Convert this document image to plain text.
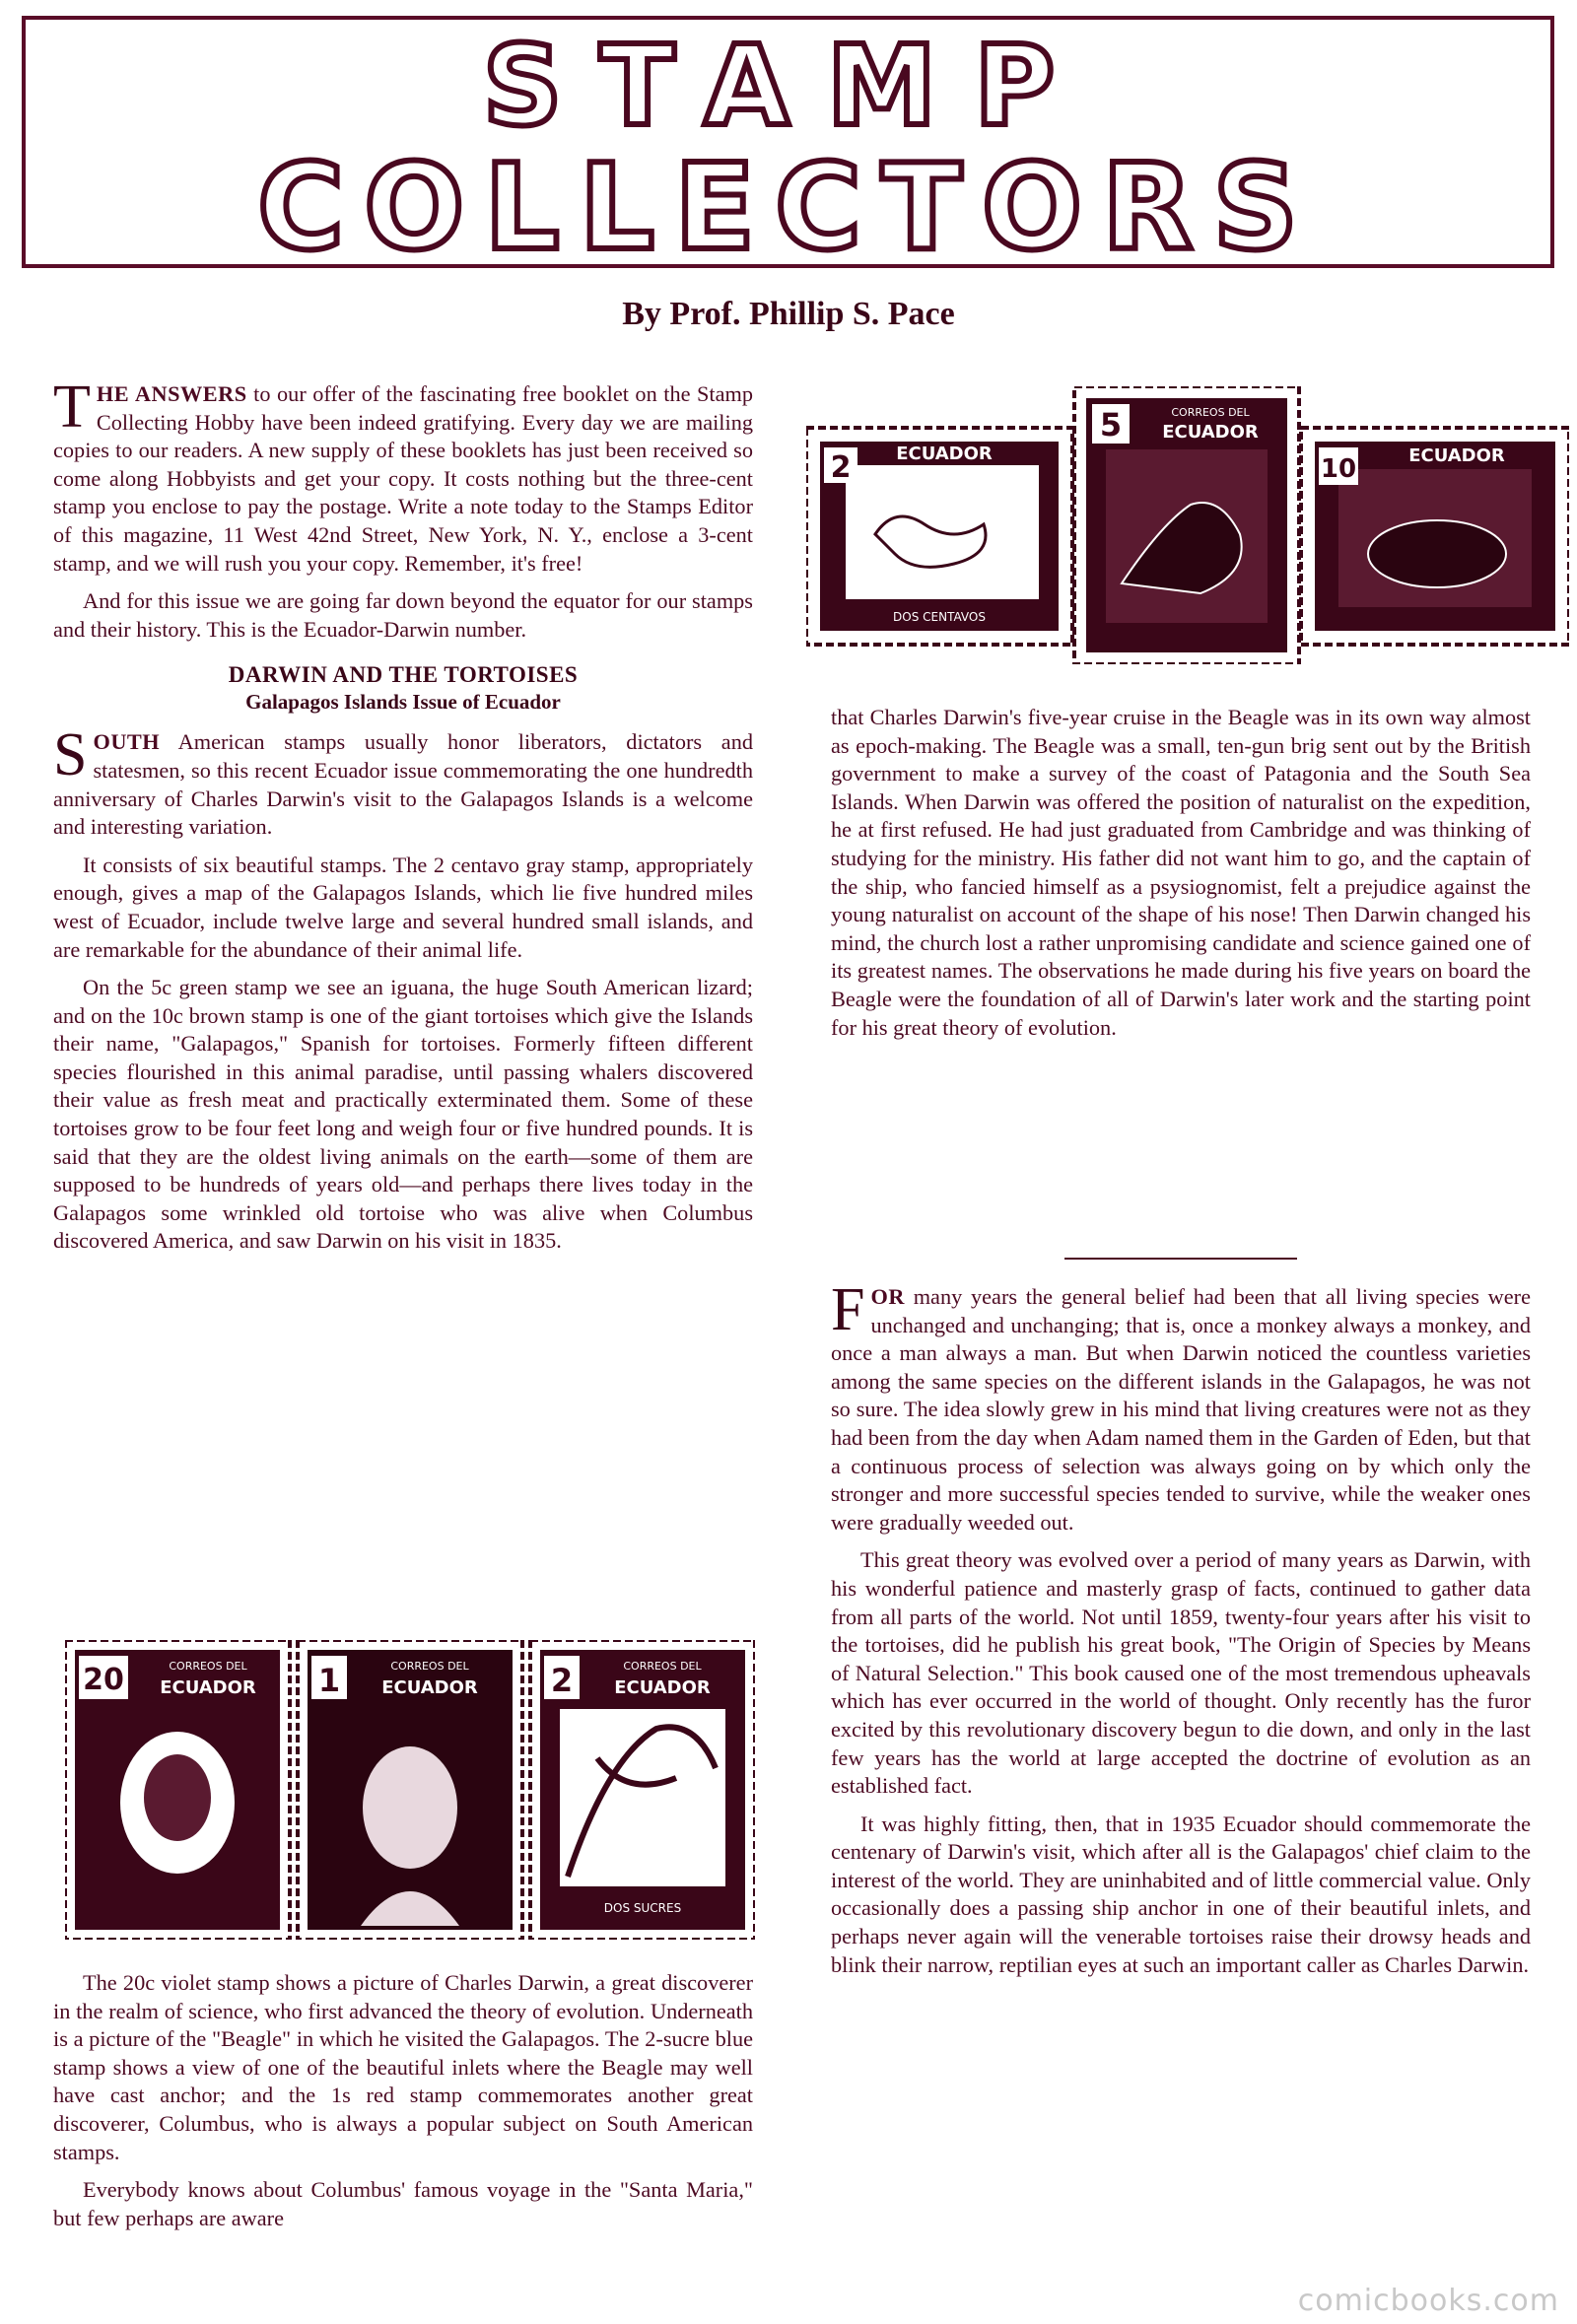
STAMP
COLLECTORS
By Prof. Phillip S. Pace

THE ANSWERS to our offer of the fascinating free booklet on the Stamp Collecting Hobby have been indeed gratifying. Every day we are mailing copies to our readers. A new supply of these booklets has just been received so come along Hobbyists and get your copy. It costs nothing but the three-cent stamp you enclose to pay the postage. Write a note today to the Stamps Editor of this magazine, 11 West 42nd Street, New York, N. Y., enclose a 3-cent stamp, and we will rush you your copy. Remember, it's free!

And for this issue we are going far down beyond the equator for our stamps and their history. This is the Ecuador-Darwin number.

DARWIN AND THE TORTOISES
Galapagos Islands Issue of Ecuador

SOUTH American stamps usually honor liberators, dictators and statesmen, so this recent Ecuador issue commemorating the one hundredth anniversary of Charles Darwin's visit to the Galapagos Islands is a welcome and interesting variation.

It consists of six beautiful stamps. The 2 centavo gray stamp, appropriately enough, gives a map of the Galapagos Islands, which lie five hundred miles west of Ecuador, include twelve large and several hundred small islands, and are remarkable for the abundance of their animal life.

On the 5c green stamp we see an iguana, the huge South American lizard; and on the 10c brown stamp is one of the giant tortoises which give the Islands their name, "Galapagos," Spanish for tortoises. Formerly fifteen different species flourished in this animal paradise, until passing whalers discovered their value as fresh meat and practically exterminated them. Some of these tortoises grow to be four feet long and weigh four or five hundred pounds. It is said that they are the oldest living animals on the earth—some of them are supposed to be hundreds of years old—and perhaps there lives today in the Galapagos some wrinkled old tortoise who was alive when Columbus discovered America, and saw Darwin on his visit in 1835.

The 20c violet stamp shows a picture of Charles Darwin, a great discoverer in the realm of science, who first advanced the theory of evolution. Underneath is a picture of the "Beagle" in which he visited the Galapagos. The 2-sucre blue stamp shows a view of one of the beautiful inlets where the Beagle may well have cast anchor; and the 1s red stamp commemorates another great discoverer, Columbus, who is always a popular subject on South American stamps.

Everybody knows about Columbus' famous voyage in the "Santa Maria," but few perhaps are aware

2	ECUADOR
DOS CENTAVOS
5	CORREOS DEL
ECUADOR
10	ECUADOR

that Charles Darwin's five-year cruise in the Beagle was in its own way almost as epoch-making. The Beagle was a small, ten-gun brig sent out by the British government to make a survey of the coast of Patagonia and the South Sea Islands. When Darwin was offered the position of naturalist on the expedition, he at first refused. He had just graduated from Cambridge and was thinking of studying for the ministry. His father did not want him to go, and the captain of the ship, who fancied himself as a psysiognomist, felt a prejudice against the young naturalist on account of the shape of his nose! Then Darwin changed his mind, the church lost a rather unpromising candidate and science gained one of its greatest names. The observations he made during his five years on board the Beagle were the foundation of all of Darwin's later work and the starting point for his great theory of evolution.

FOR many years the general belief had been that all living species were unchanged and unchanging; that is, once a monkey always a monkey, and once a man always a man. But when Darwin noticed the countless varieties among the same species on the different islands in the Galapagos, he was not so sure. The idea slowly grew in his mind that living creatures were not as they had been from the day when Adam named them in the Garden of Eden, but that a continuous process of selection was always going on by which only the stronger and more successful species tended to survive, while the weaker ones were gradually weeded out.

This great theory was evolved over a period of many years as Darwin, with his wonderful patience and masterly grasp of facts, continued to gather data from all parts of the world. Not until 1859, twenty-four years after his visit to the tortoises, did he publish his great book, "The Origin of Species by Means of Natural Selection." This book caused one of the most tremendous upheavals which has ever occurred in the world of thought. Only recently has the furor excited by this revolutionary discovery begun to die down, and only in the last few years has the world at large accepted the doctrine of evolution as an established fact.

It was highly fitting, then, that in 1935 Ecuador should commemorate the centenary of Darwin's visit, which after all is the Galapagos' chief claim to the interest of the world. They are uninhabited and of little commercial value. Only occasionally does a passing ship anchor in one of their beautiful inlets, and perhaps never again will the venerable tortoises raise their drowsy heads and blink their narrow, reptilian eyes at such an important caller as Charles Darwin.

20	CORREOS DEL
ECUADOR 1	CORREOS DEL
ECUADOR 2	CORREOS DEL
ECUADOR
DOS SUCRES
comicbooks.com
